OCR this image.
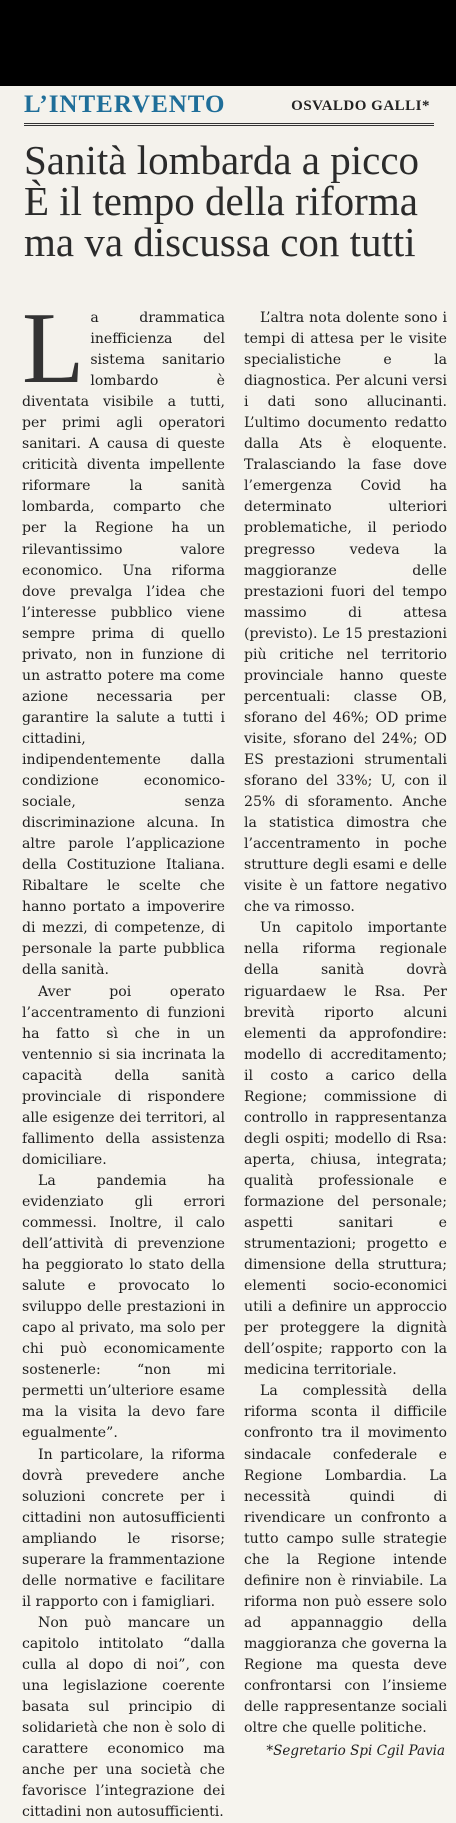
L’INTERVENTO	OSVALDO GALLI*
Sanità lombarda a picco
È il tempo della riforma
ma va discussa con tutti

La drammatica inefficienza del sistema sanitario lombardo è diventata visibile a tutti, per primi agli operatori sanitari. A causa di queste criticità diventa impellente riformare la sanità lombarda, comparto che per la Regione ha un rilevantissimo valore economico. Una riforma dove prevalga l’idea che l’interesse pubblico viene sempre prima di quello privato, non in funzione di un astratto potere ma come azione necessaria per garantire la salute a tutti i cittadini, indipendentemente dalla condizione economico-sociale, senza discriminazione alcuna. In altre parole l’applicazione della Costituzione Italiana. Ribaltare le scelte che hanno portato a impoverire di mezzi, di competenze, di personale la parte pubblica della sanità.

Aver poi operato l’accentramento di funzioni ha fatto sì che in un ventennio si sia incrinata la capacità della sanità provinciale di rispondere alle esigenze dei territori, al fallimento della assistenza domiciliare.

La pandemia ha evidenziato gli errori commessi. Inoltre, il calo dell’attività di prevenzione ha peggiorato lo stato della salute e provocato lo sviluppo delle prestazioni in capo al privato, ma solo per chi può economicamente sostenerle: “non mi permetti un’ulteriore esame ma la visita la devo fare egualmente”.

In particolare, la riforma dovrà prevedere anche soluzioni concrete per i cittadini non autosufficienti ampliando le risorse; superare la frammentazione delle normative e facilitare il rapporto con i famigliari.

Non può mancare un capitolo intitolato “dalla culla al dopo di noi”, con una legislazione coerente basata sul principio di solidarietà che non è solo di carattere economico ma anche per una società che favorisce l’integrazione dei cittadini non autosufficienti.

L’altra nota dolente sono i tempi di attesa per le visite specialistiche e la diagnostica. Per alcuni versi i dati sono allucinanti. L’ultimo documento redatto dalla Ats è eloquente. Tralasciando la fase dove l’emergenza Covid ha determinato ulteriori problematiche, il periodo pregresso vedeva la maggioranze delle prestazioni fuori del tempo massimo di attesa (previsto). Le 15 prestazioni più critiche nel territorio provinciale hanno queste percentuali: classe OB, sforano del 46%; OD prime visite, sforano del 24%; OD ES prestazioni strumentali sforano del 33%; U, con il 25% di sforamento. Anche la statistica dimostra che l’accentramento in poche strutture degli esami e delle visite è un fattore negativo che va rimosso.

Un capitolo importante nella riforma regionale della sanità dovrà riguardaew le Rsa. Per brevità riporto alcuni elementi da approfondire: modello di accreditamento; il costo a carico della Regione; commissione di controllo in rappresentanza degli ospiti; modello di Rsa: aperta, chiusa, integrata; qualità professionale e formazione del personale; aspetti sanitari e strumentazioni; progetto e dimensione della struttura; elementi socio-economici utili a definire un approccio per proteggere la dignità dell’ospite; rapporto con la medicina territoriale.

La complessità della riforma sconta il difficile confronto tra il movimento sindacale confederale e Regione Lombardia. La necessità quindi di rivendicare un confronto a tutto campo sulle strategie che la Regione intende definire non è rinviabile. La riforma non può essere solo ad appannaggio della maggioranza che governa la Regione ma questa deve confrontarsi con l’insieme delle rappresentanze sociali oltre che quelle politiche.

*Segretario Spi Cgil Pavia
